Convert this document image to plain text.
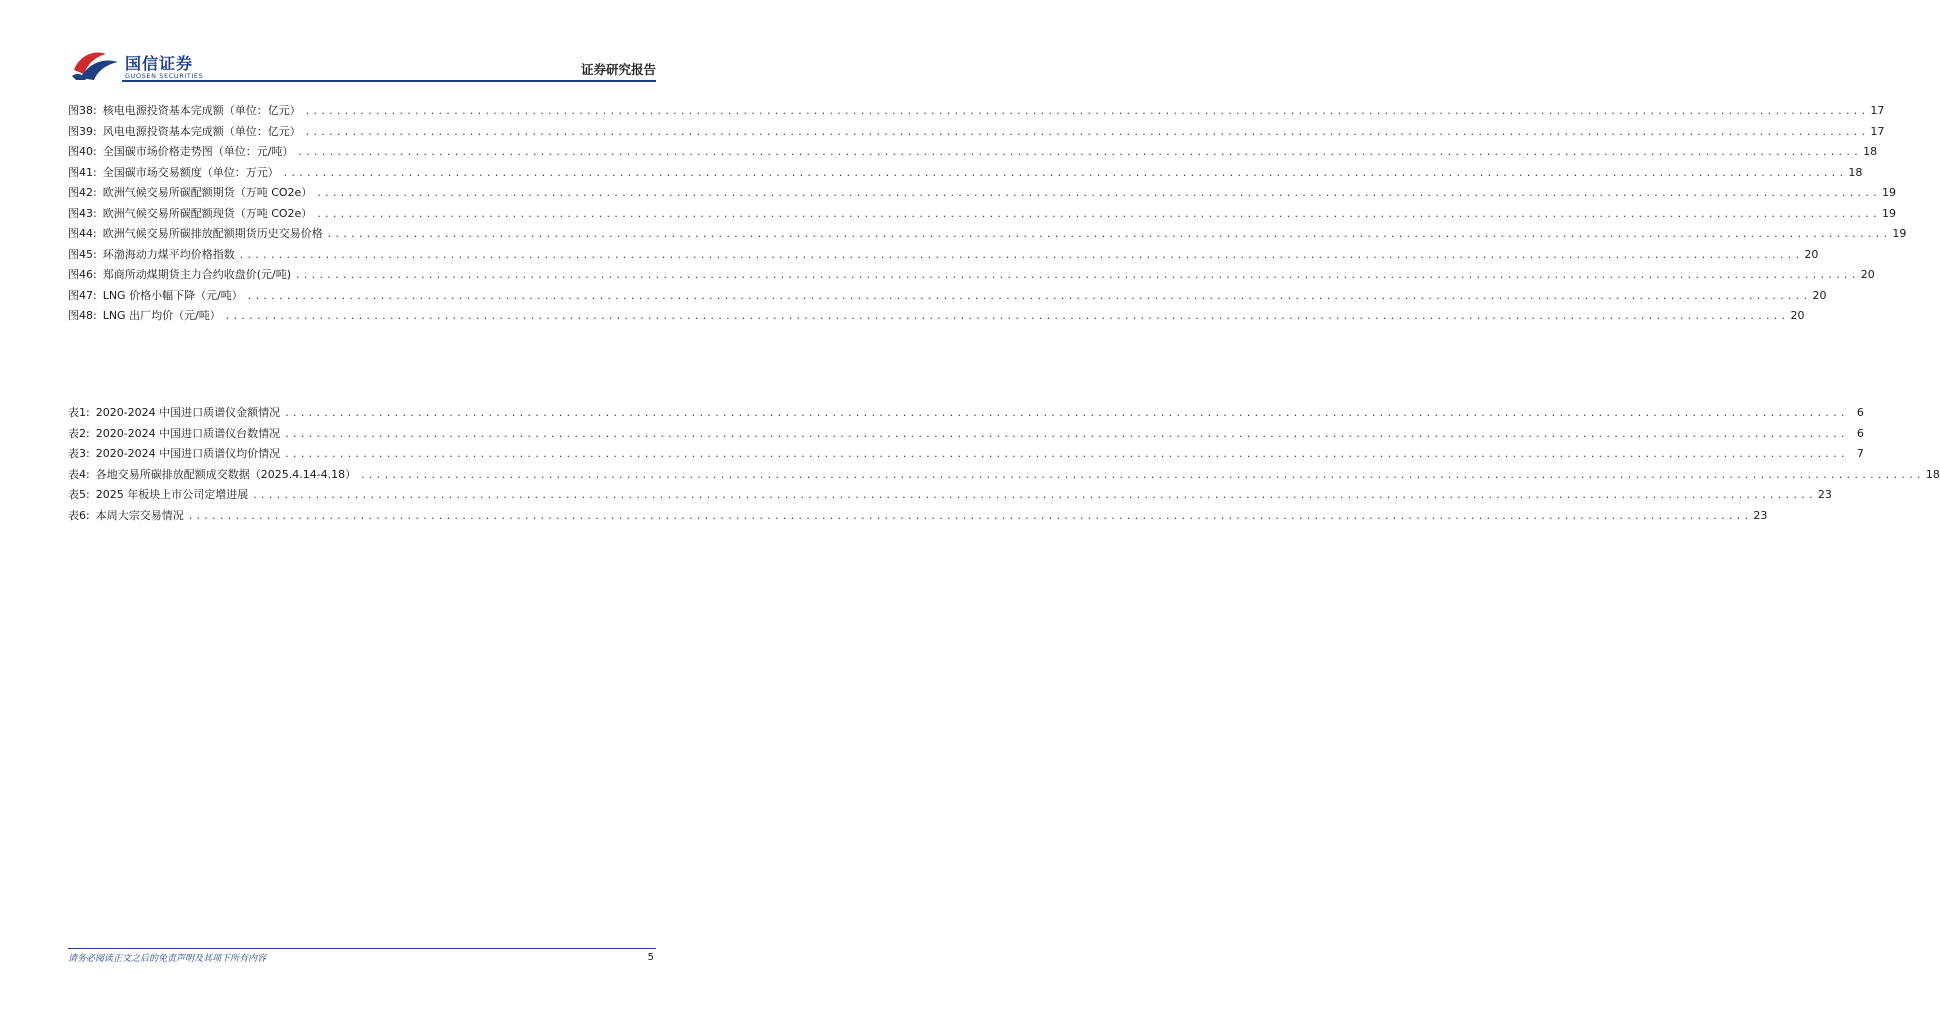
国信证券
GUOSEN SECURITIES	证券研究报告
图38: 核电电源投资基本完成额（单位：亿元） ........................................................................................................................................................................................................ 17
图39: 风电电源投资基本完成额（单位：亿元） ........................................................................................................................................................................................................ 17
图40: 全国碳市场价格走势图（单位：元/吨） ........................................................................................................................................................................................................ 18
图41: 全国碳市场交易额度（单位：万元） ........................................................................................................................................................................................................ 18
图42: 欧洲气候交易所碳配额期货（万吨 CO2e） ........................................................................................................................................................................................................ 19
图43: 欧洲气候交易所碳配额现货（万吨 CO2e） ........................................................................................................................................................................................................ 19
图44: 欧洲气候交易所碳排放配额期货历史交易价格 ........................................................................................................................................................................................................ 19
图45: 环渤海动力煤平均价格指数 ........................................................................................................................................................................................................ 20
图46: 郑商所动煤期货主力合约收盘价(元/吨) ........................................................................................................................................................................................................ 20
图47: LNG 价格小幅下降（元/吨） ........................................................................................................................................................................................................ 20
图48: LNG 出厂均价（元/吨） ........................................................................................................................................................................................................ 20
表1: 2020-2024 中国进口质谱仪金额情况 ........................................................................................................................................................................................................ 6
表2: 2020-2024 中国进口质谱仪台数情况 ........................................................................................................................................................................................................ 6
表3: 2020-2024 中国进口质谱仪均价情况 ........................................................................................................................................................................................................ 7
表4: 各地交易所碳排放配额成交数据（2025.4.14-4.18） ........................................................................................................................................................................................................ 18
表5: 2025 年板块上市公司定增进展 ........................................................................................................................................................................................................ 23
表6: 本周大宗交易情况 ........................................................................................................................................................................................................ 23
请务必阅读正文之后的免责声明及其项下所有内容	5
